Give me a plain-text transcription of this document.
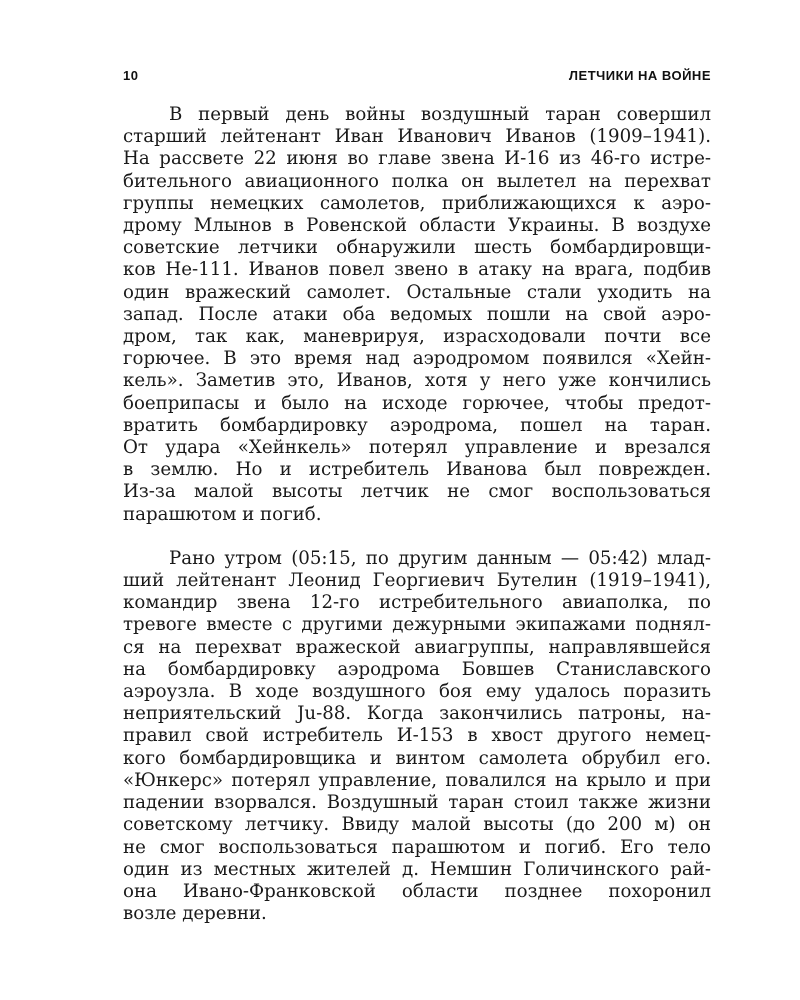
10	ЛЕТЧИКИ НА ВОЙНЕ
В первый день войны воздушный таран совершил
старший лейтенант Иван Иванович Иванов (1909–1941).
На рассвете 22 июня во главе звена И-16 из 46-го истре-
бительного авиационного полка он вылетел на перехват
группы немецких самолетов, приближающихся к аэро-
дрому Млынов в Ровенской области Украины. В воздухе
советские летчики обнаружили шесть бомбардировщи-
ков Не-111. Иванов повел звено в атаку на врага, подбив
один вражеский самолет. Остальные стали уходить на
запад. После атаки оба ведомых пошли на свой аэро-
дром, так как, маневрируя, израсходовали почти все
горючее. В это время над аэродромом появился «Хейн-
кель». Заметив это, Иванов, хотя у него уже кончились
боеприпасы и было на исходе горючее, чтобы предот-
вратить бомбардировку аэродрома, пошел на таран.
От удара «Хейнкель» потерял управление и врезался
в землю. Но и истребитель Иванова был поврежден.
Из-за малой высоты летчик не смог воспользоваться
парашютом и погиб.
Рано утром (05:15, по другим данным — 05:42) млад-
ший лейтенант Леонид Георгиевич Бутелин (1919–1941),
командир звена 12-го истребительного авиаполка, по
тревоге вместе с другими дежурными экипажами поднял-
ся на перехват вражеской авиагруппы, направлявшейся
на бомбардировку аэродрома Бовшев Станиславского
аэроузла. В ходе воздушного боя ему удалось поразить
неприятельский Ju-88. Когда закончились патроны, на-
правил свой истребитель И-153 в хвост другого немец-
кого бомбардировщика и винтом самолета обрубил его.
«Юнкерс» потерял управление, повалился на крыло и при
падении взорвался. Воздушный таран стоил также жизни
советскому летчику. Ввиду малой высоты (до 200 м) он
не смог воспользоваться парашютом и погиб. Его тело
один из местных жителей д. Немшин Голичинского рай-
она Ивано-Франковской области позднее похоронил
возле деревни.
